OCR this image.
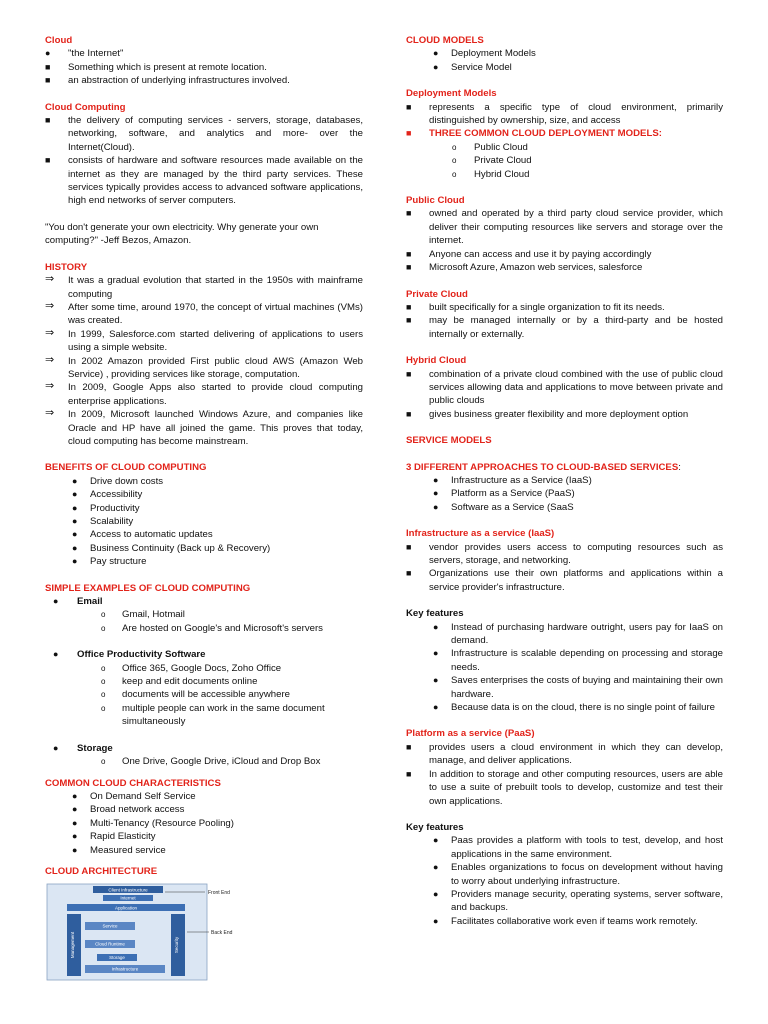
Cloud
● "the Internet"
■ Something which is present at remote location.
■ an abstraction of underlying infrastructures involved.
Cloud Computing
■ the delivery of computing services - servers, storage, databases, networking, software, and analytics and more- over the Internet(Cloud).
■ consists of hardware and software resources made available on the internet as they are managed by the third party services. These services typically provides access to advanced software applications, high end networks of server computers.
"You don't generate your own electricity. Why generate your own computing?" -Jeff Bezos, Amazon.
HISTORY
⇒ It was a gradual evolution that started in the 1950s with mainframe computing
⇒ After some time, around 1970, the concept of virtual machines (VMs) was created.
⇒ In 1999, Salesforce.com started delivering of applications to users using a simple website.
⇒ In 2002 Amazon provided First public cloud AWS (Amazon Web Service) , providing services like storage, computation.
⇒ In 2009, Google Apps also started to provide cloud computing enterprise applications.
⇒ In 2009, Microsoft launched Windows Azure, and companies like Oracle and HP have all joined the game. This proves that today, cloud computing has become mainstream.
BENEFITS OF CLOUD COMPUTING
● Drive down costs
● Accessibility
● Productivity
● Scalability
● Access to automatic updates
● Business Continuity (Back up & Recovery)
● Pay structure
SIMPLE EXAMPLES OF CLOUD COMPUTING
● Email
o Gmail, Hotmail
o Are hosted on Google's and Microsoft's servers
● Office Productivity Software
o Office 365, Google Docs, Zoho Office
o keep and edit documents online
o documents will be accessible anywhere
o multiple people can work in the same document simultaneously
● Storage
o One Drive, Google Drive, iCloud and Drop Box
COMMON CLOUD CHARACTERISTICS
● On Demand Self Service
● Broad network access
● Multi-Tenancy (Resource Pooling)
● Rapid Elasticity
● Measured service
CLOUD ARCHITECTURE
Client Infrastructure
Internet
Front End
Application
Management	Security
Service
Cloud Runtime
Storage
Infrastructure
Back End
CLOUD MODELS
● Deployment Models
● Service Model
Deployment Models
■ represents a specific type of cloud environment, primarily distinguished by ownership, size, and access
■ THREE COMMON CLOUD DEPLOYMENT MODELS:
o Public Cloud
o Private Cloud
o Hybrid Cloud
Public Cloud
■ owned and operated by a third party cloud service provider, which deliver their computing resources like servers and storage over the internet.
■ Anyone can access and use it by paying accordingly
■ Microsoft Azure, Amazon web services, salesforce
Private Cloud
■ built specifically for a single organization to fit its needs.
■ may be managed internally or by a third-party and be hosted internally or externally.
Hybrid Cloud
■ combination of a private cloud combined with the use of public cloud services allowing data and applications to move between private and public clouds
■ gives business greater flexibility and more deployment option
SERVICE MODELS
3 DIFFERENT APPROACHES TO CLOUD-BASED SERVICES:
● Infrastructure as a Service (IaaS)
● Platform as a Service (PaaS)
● Software as a Service (SaaS
Infrastructure as a service (IaaS)
■ vendor provides users access to computing resources such as servers, storage, and networking.
■ Organizations use their own platforms and applications within a service provider's infrastructure.
Key features
● Instead of purchasing hardware outright, users pay for IaaS on demand.
● Infrastructure is scalable depending on processing and storage needs.
● Saves enterprises the costs of buying and maintaining their own hardware.
● Because data is on the cloud, there is no single point of failure
Platform as a service (PaaS)
■ provides users a cloud environment in which they can develop, manage, and deliver applications.
■ In addition to storage and other computing resources, users are able to use a suite of prebuilt tools to develop, customize and test their own applications.
Key features
● Paas provides a platform with tools to test, develop, and host applications in the same environment.
● Enables organizations to focus on development without having to worry about underlying infrastructure.
● Providers manage security, operating systems, server software, and backups.
● Facilitates collaborative work even if teams work remotely.
